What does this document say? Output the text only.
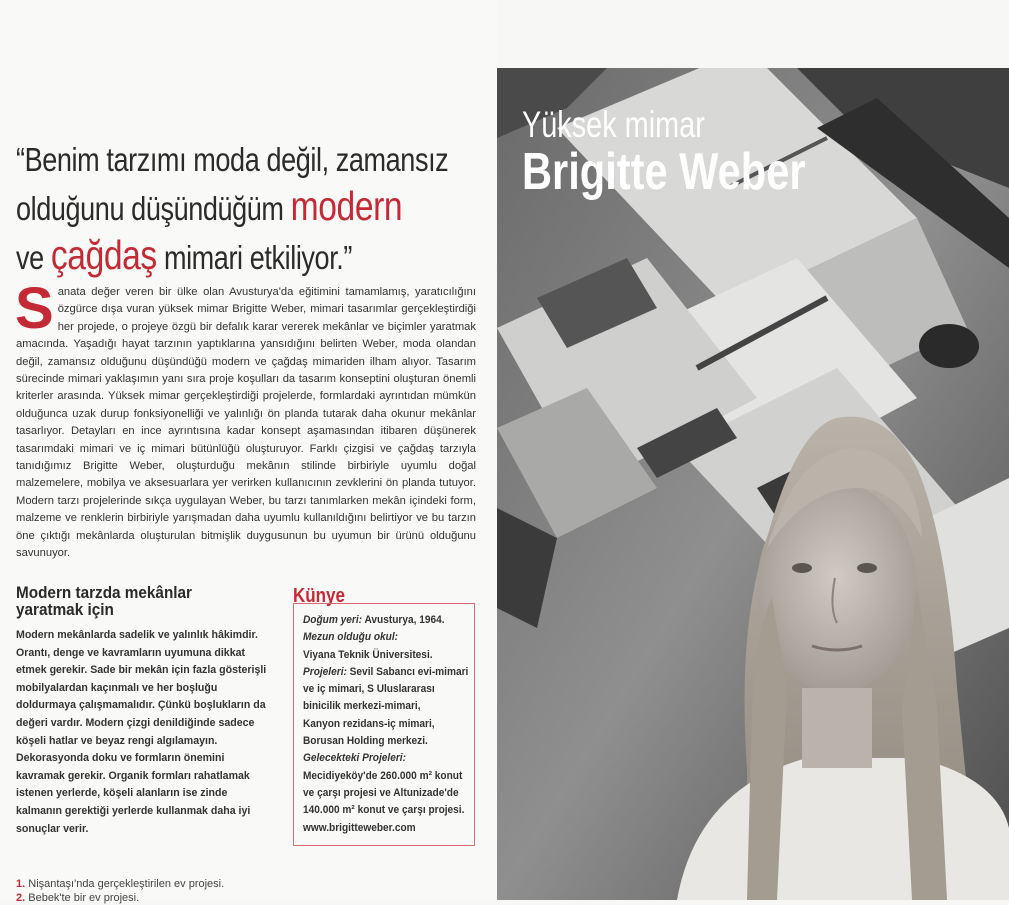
“Benim tarzımı moda değil, zamansız
olduğunu düşündüğüm modern
ve çağdaş mimari etkiliyor.”
Sanata değer veren bir ülke olan Avusturya'da eğitimini tamamlamış, yaratıcılığını özgürce dışa vuran yüksek mimar Brigitte Weber, mimari tasarımlar gerçekleştirdiği her projede, o projeye özgü bir defalık karar vererek mekânlar ve biçimler yaratmak amacında. Yaşadığı hayat tarzının yaptıklarına yansıdığını belirten Weber, moda olandan değil, zamansız olduğunu düşündüğü modern ve çağdaş mimariden ilham alıyor. Tasarım sürecinde mimari yaklaşımın yanı sıra proje koşulları da tasarım konseptini oluşturan önemli kriterler arasında. Yüksek mimar gerçekleştirdiği projelerde, formlardaki ayrıntıdan mümkün olduğunca uzak durup fonksiyonelliği ve yalınlığı ön planda tutarak daha okunur mekânlar tasarlıyor. Detayları en ince ayrıntısına kadar konsept aşamasından itibaren düşünerek tasarımdaki mimari ve iç mimari bütünlüğü oluşturuyor. Farklı çizgisi ve çağdaş tarzıyla tanıdığımız Brigitte Weber, oluşturduğu mekânın stilinde birbiriyle uyumlu doğal malzemelere, mobilya ve aksesuarlara yer verirken kullanıcının zevklerini ön planda tutuyor. Modern tarzı projelerinde sıkça uygulayan Weber, bu tarzı tanımlarken mekân içindeki form, malzeme ve renklerin birbiriyle yarışmadan daha uyumlu kullanıldığını belirtiyor ve bu tarzın öne çıktığı mekânlarda oluşturulan bitmişlik duygusunun bu uyumun bir ürünü olduğunu savunuyor.
Modern tarzda mekânlar yaratmak için
Modern mekânlarda sadelik ve yalınlık hâkimdir. Orantı, denge ve kavramların uyumuna dikkat etmek gerekir. Sade bir mekân için fazla gösterişli mobilyalardan kaçınmalı ve her boşluğu doldurmaya çalışmamalıdır. Çünkü boşlukların da değeri vardır. Modern çizgi denildiğinde sadece köşeli hatlar ve beyaz rengi algılamayın. Dekorasyonda doku ve formların önemini kavramak gerekir. Organik formları rahatlamak istenen yerlerde, köşeli alanların ise zinde kalmanın gerektiği yerlerde kullanmak daha iyi sonuçlar verir.
Künye
Doğum yeri: Avusturya, 1964.
Mezun olduğu okul:
Viyana Teknik Üniversitesi.
Projeleri: Sevil Sabancı evi-mimari
ve iç mimari, S Uluslararası
binicilik merkezi-mimari,
Kanyon rezidans-iç mimari,
Borusan Holding merkezi.
Gelecekteki Projeleri:
Mecidiyeköy'de 260.000 m² konut
ve çarşı projesi ve Altunizade'de
140.000 m² konut ve çarşı projesi.
www.brigitteweber.com
1. Nişantaşı'nda gerçekleştirilen ev projesi.
2. Bebek'te bir ev projesi.
Yüksek mimar
Brigitte Weber
